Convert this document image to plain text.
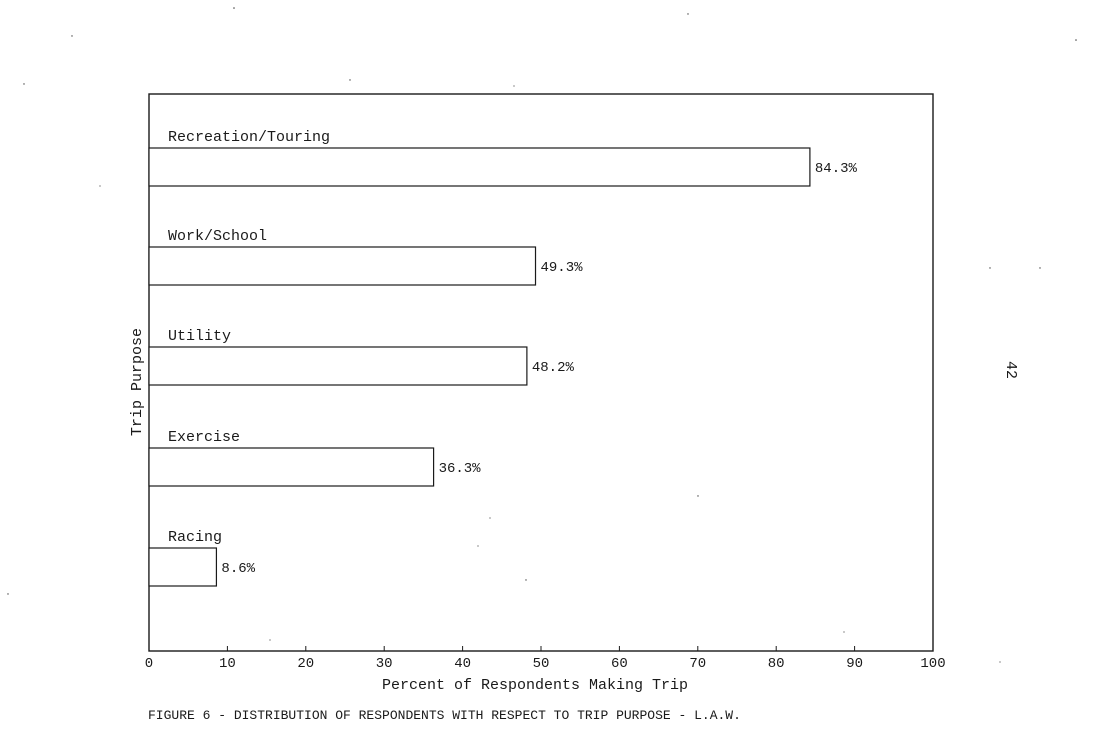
Recreation/Touring
Work/School
Utility
Exercise
Racing
84.3%
49.3%
48.2%
36.3%
8.6%
0	10	20	30	40	50	60	70	80	90	100
Percent of Respondents Making Trip
Trip Purpose
FIGURE 6 - DISTRIBUTION OF RESPONDENTS WITH RESPECT TO TRIP PURPOSE - L.A.W.
42
